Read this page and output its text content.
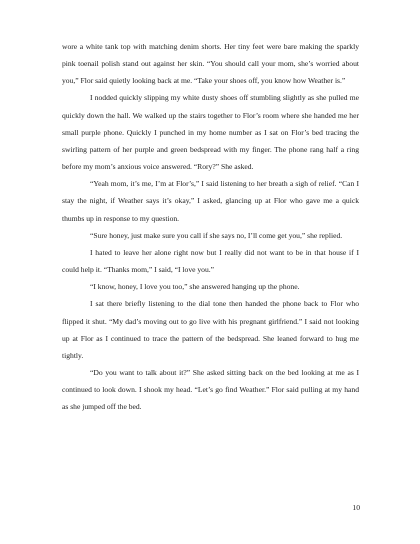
wore a white tank top with matching denim shorts. Her tiny feet were bare making the sparkly pink toenail polish stand out against her skin. “You should call your mom, she’s worried about you,” Flor said quietly looking back at me. “Take your shoes off, you know how Weather is.”

I nodded quickly slipping my white dusty shoes off stumbling slightly as she pulled me quickly down the hall. We walked up the stairs together to Flor’s room where she handed me her small purple phone. Quickly I punched in my home number as I sat on Flor’s bed tracing the swirling pattern of her purple and green bedspread with my finger. The phone rang half a ring before my mom’s anxious voice answered. “Rory?” She asked.

“Yeah mom, it’s me, I’m at Flor’s,” I said listening to her breath a sigh of relief. “Can I stay the night, if Weather says it’s okay,” I asked, glancing up at Flor who gave me a quick thumbs up in response to my question.

“Sure honey, just make sure you call if she says no, I’ll come get you,” she replied.

I hated to leave her alone right now but I really did not want to be in that house if I could help it. “Thanks mom,” I said, “I love you.”

“I know, honey, I love you too,” she answered hanging up the phone.

I sat there briefly listening to the dial tone then handed the phone back to Flor who flipped it shut. “My dad’s moving out to go live with his pregnant girlfriend.” I said not looking up at Flor as I continued to trace the pattern of the bedspread. She leaned forward to hug me tightly.

“Do you want to talk about it?” She asked sitting back on the bed looking at me as I continued to look down. I shook my head. “Let’s go find Weather.” Flor said pulling at my hand as she jumped off the bed.

10
